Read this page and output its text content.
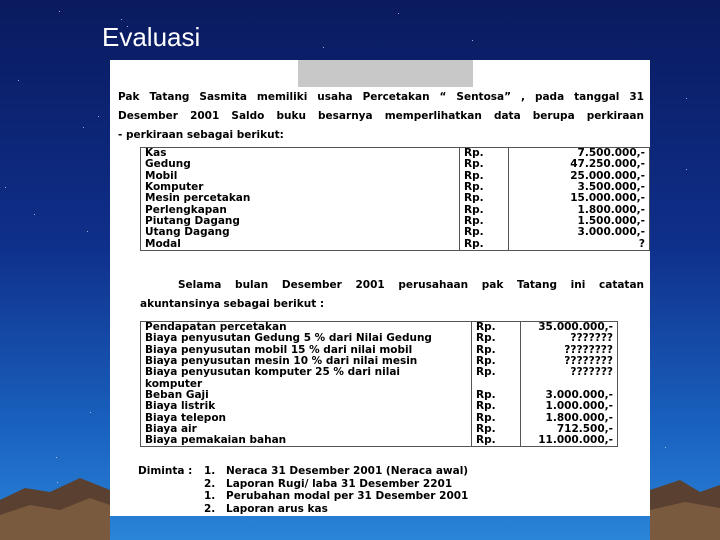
Evaluasi
Pak Tatang Sasmita memiliki usaha Percetakan “ Sentosa” , pada tanggal 31
Desember 2001 Saldo buku besarnya memperlihatkan data berupa perkiraan
- perkiraan sebagai berikut:
Kas	Rp.	7.500.000,-
Gedung	Rp.	47.250.000,-
Mobil	Rp.	25.000.000,-
Komputer	Rp.	3.500.000,-
Mesin percetakan	Rp.	15.000.000,-
Perlengkapan	Rp.	1.800.000,-
Piutang Dagang	Rp.	1.500.000,-
Utang Dagang	Rp.	3.000.000,-
Modal	Rp.	?
Selama bulan Desember 2001 perusahaan pak Tatang ini catatan
akuntansinya sebagai berikut :
Pendapatan percetakan	Rp.	35.000.000,-
Biaya penyusutan Gedung 5 % dari Nilai Gedung	Rp.	???????
Biaya penyusutan mobil 15 % dari nilai mobil	Rp.	????????
Biaya penyusutan mesin 10 % dari nilai mesin	Rp.	????????
Biaya penyusutan komputer 25 % dari nilai	Rp.	???????
komputer		
Beban Gaji	Rp.	3.000.000,-
Biaya listrik	Rp.	1.000.000,-
Biaya telepon	Rp.	1.800.000,-
Biaya air	Rp.	712.500,-
Biaya pemakaian bahan	Rp.	11.000.000,-
Diminta : 1. Neraca 31 Desember 2001 (Neraca awal)
2. Laporan Rugi/ laba 31 Desember 2201
1. Perubahan modal per 31 Desember 2001
2. Laporan arus kas
